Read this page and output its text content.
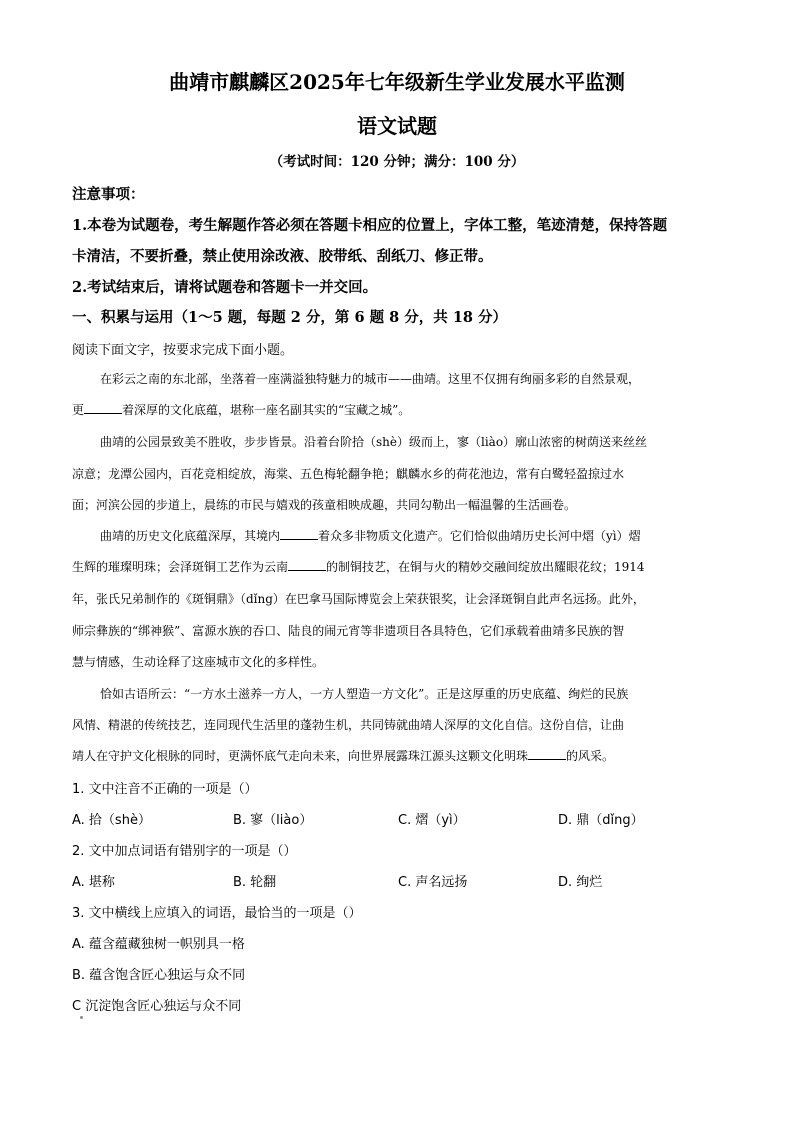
曲靖市麒麟区2025年七年级新生学业发展水平监测
语文试题
（考试时间：120 分钟；满分：100 分）
注意事项：
1.本卷为试题卷，考生解题作答必须在答题卡相应的位置上，字体工整，笔迹清楚，保持答题
卡清洁，不要折叠，禁止使用涂改液、胶带纸、刮纸刀、修正带。
2.考试结束后，请将试题卷和答题卡一并交回。
一、积累与运用（1～5 题，每题 2 分，第 6 题 8 分，共 18 分）
阅读下面文字，按要求完成下面小题。
在彩云之南的东北部，坐落着一座满溢独特魅力的城市——曲靖。这里不仅拥有绚丽多彩的自然景观，
更	着深厚的文化底蕴，堪称一座名副其实的“宝藏之城”。
曲靖的公园景致美不胜收，步步皆景。沿着台阶拾（shè）级而上，寥（liào）廓山浓密的树荫送来丝丝
凉意；龙潭公园内，百花竞相绽放，海棠、五色梅轮翻争艳；麒麟水乡的荷花池边，常有白鹭轻盈掠过水
面；河滨公园的步道上，晨练的市民与嬉戏的孩童相映成趣，共同勾勒出一幅温馨的生活画卷。
曲靖的历史文化底蕴深厚，其境内	着众多非物质文化遗产。它们恰似曲靖历史长河中熠（yì）熠
生辉的璀璨明珠；会泽斑铜工艺作为云南	的制铜技艺，在铜与火的精妙交融间绽放出耀眼花纹；1914
年，张氏兄弟制作的《斑铜鼎》（dǐng）在巴拿马国际博览会上荣获银奖，让会泽斑铜自此声名远扬。此外，
师宗彝族的“绑神猴”、富源水族的吞口、陆良的闹元宵等非遗项目各具特色，它们承载着曲靖多民族的智
慧与情感，生动诠释了这座城市文化的多样性。
恰如古语所云：“一方水土滋养一方人，一方人塑造一方文化”。正是这厚重的历史底蕴、绚烂的民族
风情、精湛的传统技艺，连同现代生活里的蓬勃生机，共同铸就曲靖人深厚的文化自信。这份自信，让曲
靖人在守护文化根脉的同时，更满怀底气走向未来，向世界展露珠江源头这颗文化明珠	的风采。
1. 文中注音不正确的一项是（）
A. 拾（shè）	B. 寥（liào）	C. 熠（yì）	D. 鼎（dǐng）
2. 文中加点词语有错别字的一项是（）
A. 堪称	B. 轮翻	C. 声名远扬	D. 绚烂
3. 文中横线上应填入的词语，最恰当的一项是（）
A. 蕴含蕴藏独树一帜别具一格
B. 蕴含饱含匠心独运与众不同
C 沉淀饱含匠心独运与众不同
